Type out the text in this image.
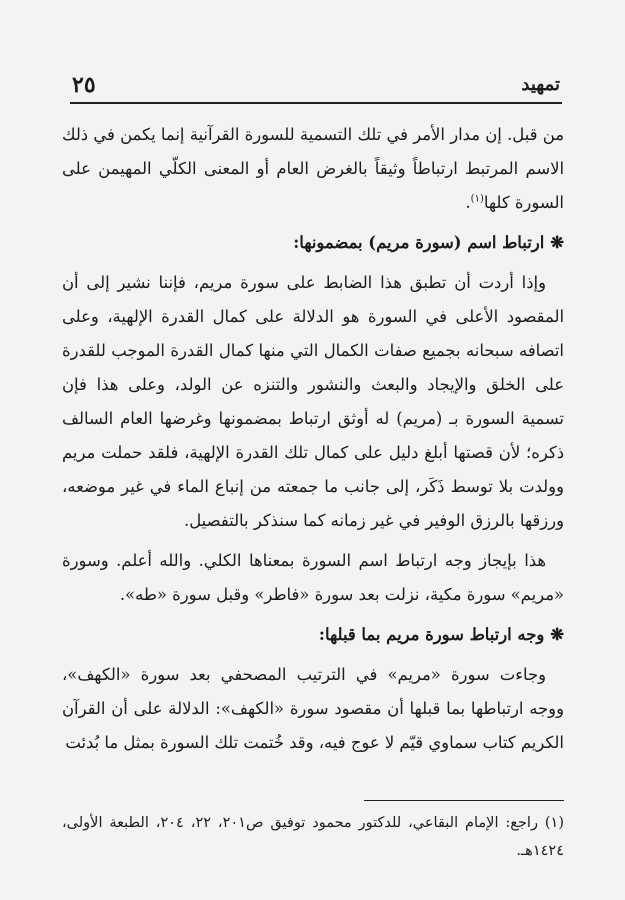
٢٥	تمهيد

من قبل. إن مدار الأمر في تلك التسمية للسورة القرآنية إنما يكمن في ذلك الاسم المرتبط ارتباطاً وثيقاً بالغرض العام أو المعنى الكلّي المهيمن على السورة كلها$^{(١)}$.

❋ارتباط اسم (سورة مريم) بمضمونها:

وإذا أردت أن تطبق هذا الضابط على سورة مريم، فإننا نشير إلى أن المقصود الأعلى في السورة هو الدلالة على كمال القدرة الإلهية، وعلى اتصافه سبحانه بجميع صفات الكمال التي منها كمال القدرة الموجب للقدرة على الخلق والإيجاد والبعث والنشور والتنزه عن الولد، وعلى هذا فإن تسمية السورة بـ (مريم) له أوثق ارتباط بمضمونها وغرضها العام السالف ذكره؛ لأن قصتها أبلغ دليل على كمال تلك القدرة الإلهية، فلقد حملت مريم وولدت بلا توسط ذَكَر، إلى جانب ما جمعته من إنباع الماء في غير موضعه، ورزقها بالرزق الوفير في غير زمانه كما سنذكر بالتفصيل.

هذا بإيجاز وجه ارتباط اسم السورة بمعناها الكلي. والله أعلم. وسورة «مريم» سورة مكية، نزلت بعد سورة «فاطر» وقبل سورة «طه».

❋وجه ارتباط سورة مريم بما قبلها:

وجاءت سورة «مريم» في الترتيب المصحفي بعد سورة «الكهف»، ووجه ارتباطها بما قبلها أن مقصود سورة «الكهف»: الدلالة على أن القرآن الكريم كتاب سماوي قيّم لا عوج فيه، وقد خُتمت تلك السورة بمثل ما بُدئت

(١) راجع: الإمام البقاعي، للدكتور محمود توفيق ص٢٠١، ٢٢، ٢٠٤، الطبعة الأولى، ١٤٢٤هـ.
